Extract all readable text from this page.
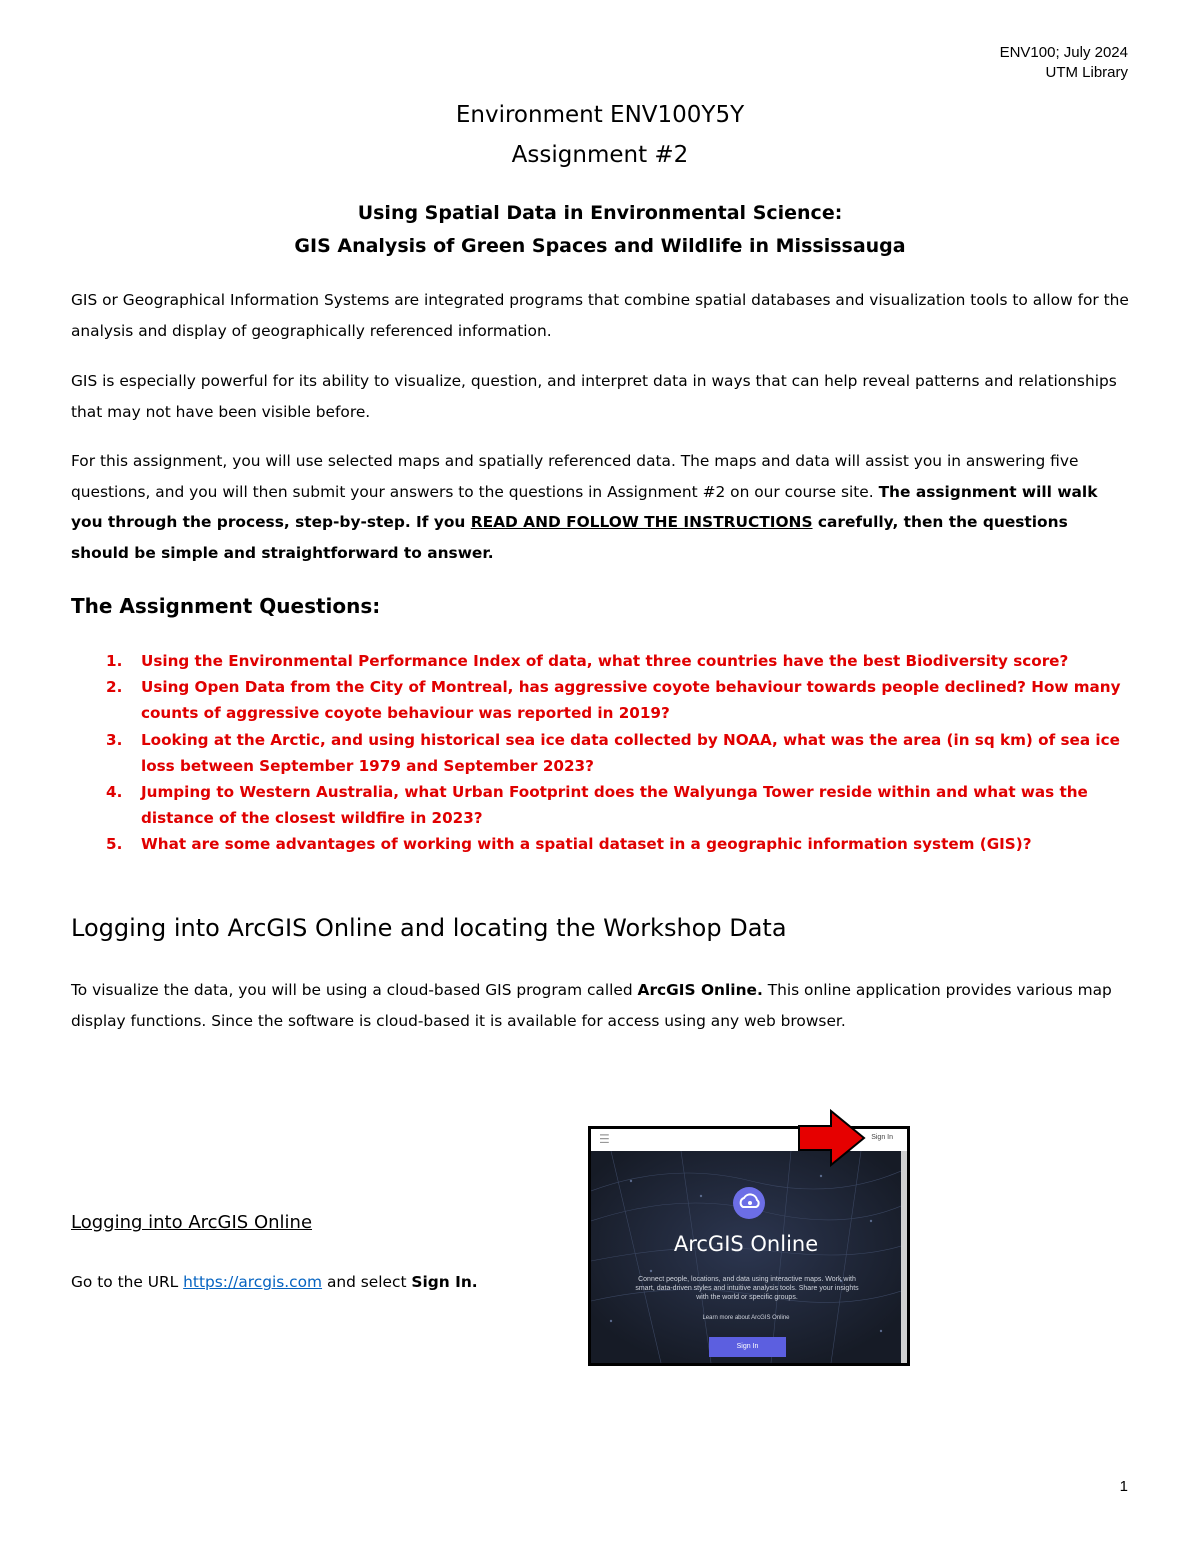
ENV100; July 2024
UTM Library
Environment ENV100Y5Y
Assignment #2
Using Spatial Data in Environmental Science:
GIS Analysis of Green Spaces and Wildlife in Mississauga

GIS or Geographical Information Systems are integrated programs that combine spatial databases and visualization tools to allow for the analysis and display of geographically referenced information.

GIS is especially powerful for its ability to visualize, question, and interpret data in ways that can help reveal patterns and relationships that may not have been visible before.

For this assignment, you will use selected maps and spatially referenced data. The maps and data will assist you in answering five questions, and you will then submit your answers to the questions in Assignment #2 on our course site. The assignment will walk you through the process, step-by-step. If you READ AND FOLLOW THE INSTRUCTIONS carefully, then the questions should be simple and straightforward to answer.

The Assignment Questions:
1. Using the Environmental Performance Index of data, what three countries have the best Biodiversity score?
2. Using Open Data from the City of Montreal, has aggressive coyote behaviour towards people declined? How many counts of aggressive coyote behaviour was reported in 2019?
3. Looking at the Arctic, and using historical sea ice data collected by NOAA, what was the area (in sq km) of sea ice loss between September 1979 and September 2023?
4. Jumping to Western Australia, what Urban Footprint does the Walyunga Tower reside within and what was the distance of the closest wildfire in 2023?
5. What are some advantages of working with a spatial dataset in a geographic information system (GIS)?
Logging into ArcGIS Online and locating the Workshop Data

To visualize the data, you will be using a cloud-based GIS program called ArcGIS Online. This online application provides various map display functions. Since the software is cloud-based it is available for access using any web browser.

Logging into ArcGIS Online
Go to the URL https://arcgis.com and select Sign In.
☰	Sign In
ArcGIS Online
Connect people, locations, and data using interactive maps. Work with smart, data-driven styles and intuitive analysis tools. Share your insights with the world or specific groups.
Learn more about ArcGIS Online
Sign In
1
